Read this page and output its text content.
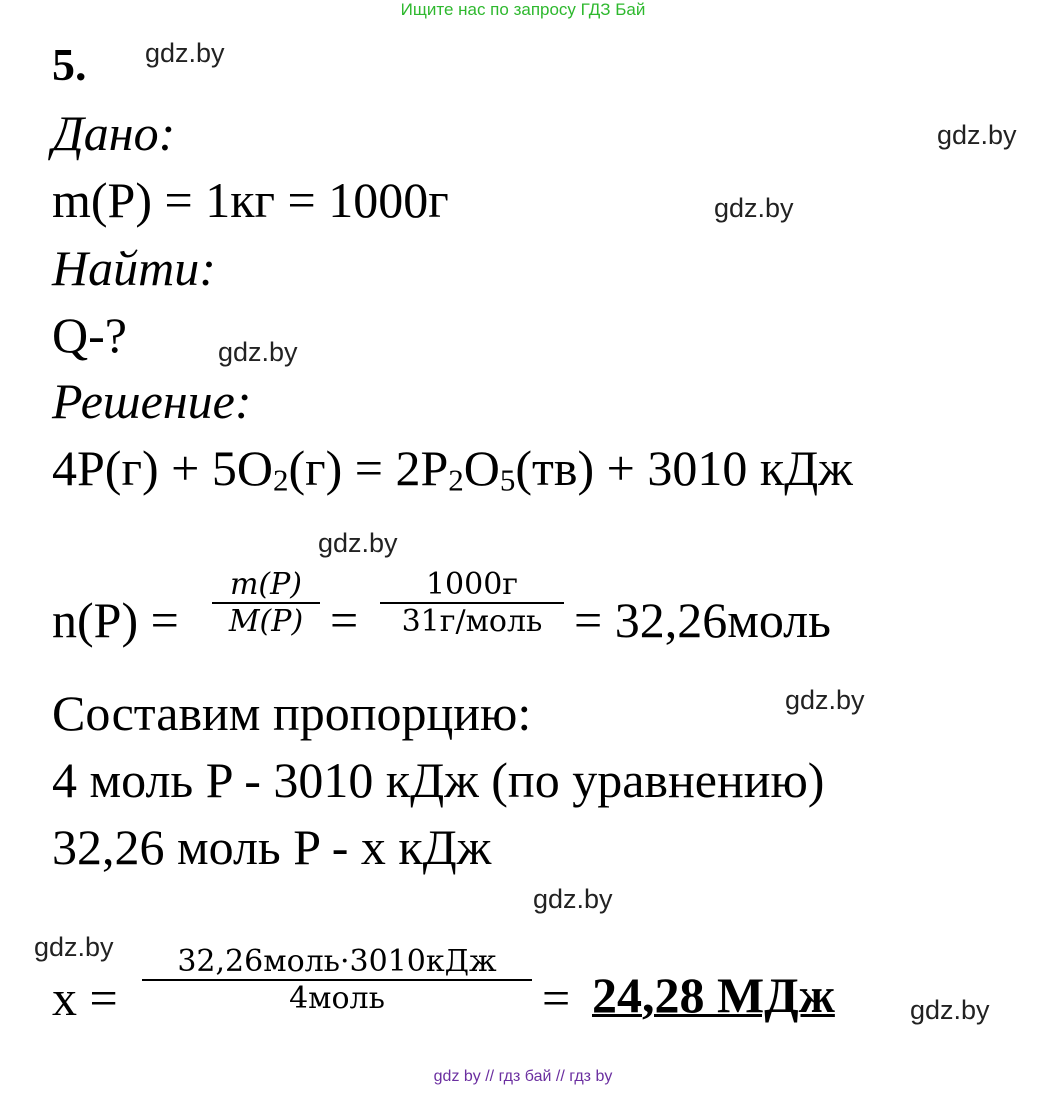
Ищите нас по запросу ГДЗ Бай
5. gdz.by
gdz.by
gdz.by
gdz.by
gdz.by
gdz.by
gdz.by
gdz.by
gdz.by
Дано:
m(P) = 1кг = 1000г
Найти:
Q-?
Решение:
$4P(г) + 5O_2(г) = 2P_2O_5(тв) + 3010$ кДж
n(P) =
m(P)
M(P) =
1000г
31г/моль = 32,26моль
Составим пропорцию:
4 моль P - 3010 кДж (по уравнению)
32,26 моль P - x кДж
x =
32,26моль·3010кДж
4моль	= 24,28 МДж
gdz by // гдз бай // гдз by
